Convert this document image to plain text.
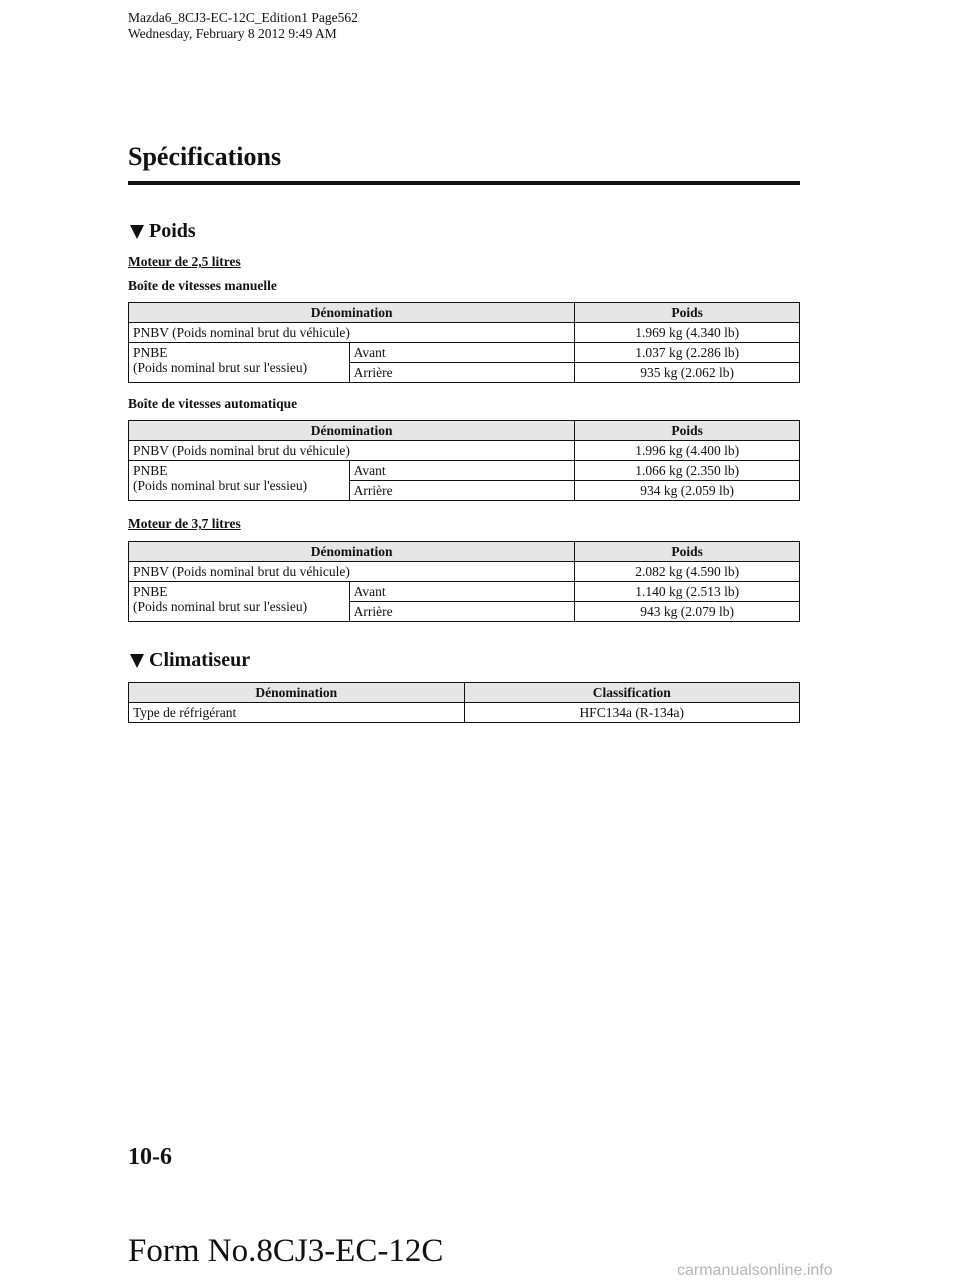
Mazda6_8CJ3-EC-12C_Edition1 Page562
Wednesday, February 8 2012 9:49 AM
Spécifications
Poids
Moteur de 2,5 litres
Boîte de vitesses manuelle
Dénomination		Poids
PNBV (Poids nominal brut du véhicule)		1.969 kg (4.340 lb)

PNBE
(Poids nominal brut sur l'essieu)	Avant	1.037 kg (2.286 lb)
	Arrière	935 kg (2.062 lb)
Boîte de vitesses automatique
Dénomination		Poids
PNBV (Poids nominal brut du véhicule)		1.996 kg (4.400 lb)

PNBE
(Poids nominal brut sur l'essieu)	Avant	1.066 kg (2.350 lb)
	Arrière	934 kg (2.059 lb)
Moteur de 3,7 litres
Dénomination		Poids
PNBV (Poids nominal brut du véhicule)		2.082 kg (4.590 lb)

PNBE
(Poids nominal brut sur l'essieu)	Avant	1.140 kg (2.513 lb)
	Arrière	943 kg (2.079 lb)
Climatiseur
Dénomination	Classification
Type de réfrigérant	HFC134a (R-134a)
10-6
Form No.8CJ3-EC-12C
carmanualsonline.info
